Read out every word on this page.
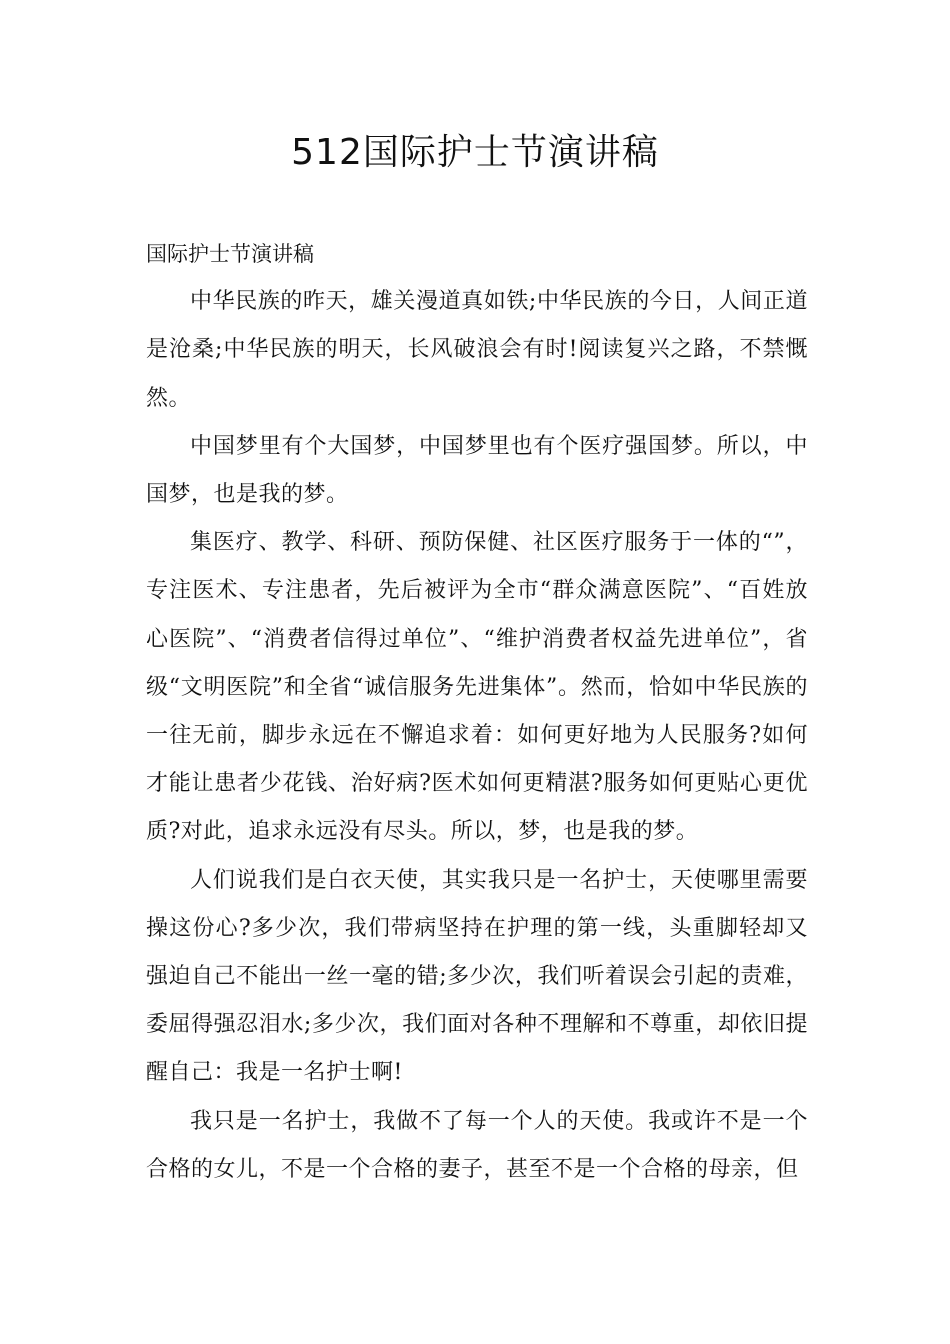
512国际护士节演讲稿

国际护士节演讲稿

中华民族的昨天，雄关漫道真如铁;中华民族的今日，人间正道是沧桑;中华民族的明天，长风破浪会有时!阅读复兴之路，不禁慨然。

中国梦里有个大国梦，中国梦里也有个医疗强国梦。所以，中国梦，也是我的梦。

集医疗、教学、科研、预防保健、社区医疗服务于一体的“”，专注医术、专注患者，先后被评为全市“群众满意医院”、“百姓放心医院”、“消费者信得过单位”、“维护消费者权益先进单位”，省级“文明医院”和全省“诚信服务先进集体”。然而，恰如中华民族的一往无前，脚步永远在不懈追求着：如何更好地为人民服务?如何才能让患者少花钱、治好病?医术如何更精湛?服务如何更贴心更优质?对此，追求永远没有尽头。所以，梦，也是我的梦。

人们说我们是白衣天使，其实我只是一名护士，天使哪里需要操这份心?多少次，我们带病坚持在护理的第一线，头重脚轻却又强迫自己不能出一丝一毫的错;多少次，我们听着误会引起的责难，委屈得强忍泪水;多少次，我们面对各种不理解和不尊重，却依旧提醒自己：我是一名护士啊!

我只是一名护士，我做不了每一个人的天使。我或许不是一个合格的女儿，不是一个合格的妻子，甚至不是一个合格的母亲，但
